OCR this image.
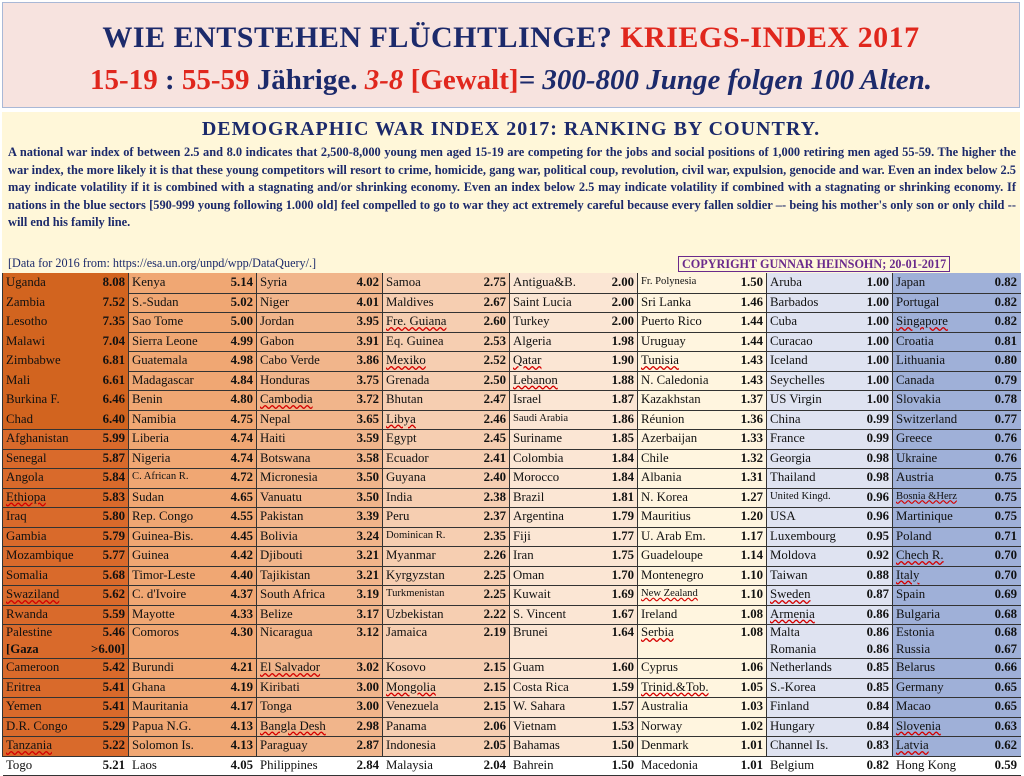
WIE ENTSTEHEN FLÜCHTLINGE? KRIEGS-INDEX 2017
15-19 : 55-59 Jährige. 3-8 [Gewalt]= 300-800 Junge folgen 100 Alten.
DEMOGRAPHIC WAR INDEX 2017: RANKING BY COUNTRY.
A national war index of between 2.5 and 8.0 indicates that 2,500-8,000 young men aged 15-19 are competing for the jobs and social positions of 1,000 retiring men aged 55-59. The higher the war index, the more likely it is that these young competitors will resort to crime, homicide, gang war, political coup, revolution, civil war, expulsion, genocide and war. Even an index below 2.5 may indicate volatility if it is combined with a stagnating and/or shrinking economy. Even an index below 2.5 may indicate volatility if combined with a stagnating or shrinking economy. If nations in the blue sectors [590-999 young following 1.000 old] feel compelled to go to war they act extremely careful because every fallen soldier –- being his mother's only son or only child -- will end his family line.
[Data for 2016 from: https://esa.un.org/unpd/wpp/DataQuery/.]	COPYRIGHT GUNNAR HEINSOHN; 20-01-2017
Uganda	8.08
Zambia	7.52
Lesotho	7.35
Malawi	7.04
Zimbabwe	6.81
Mali	6.61
Burkina F.	6.46
Chad	6.40
Afghanistan	5.99
Senegal	5.87
Angola	5.84
Ethiopa	5.83
Iraq	5.80
Gambia	5.79
Mozambique 5.77
Somalia	5.68
Swaziland	5.62
Rwanda	5.59
Palestine	5.46
[Gaza	>6.00]
Cameroon	5.42
Eritrea	5.41
Yemen	5.41
D.R. Congo	5.29
Tanzania	5.22
Togo	5.21
Kenya	5.14
S.-Sudan	5.02
Sao Tome	5.00
Sierra Leone	4.99
Guatemala	4.98
Madagascar	4.84
Benin	4.80
Namibia	4.75
Liberia	4.74
Nigeria	4.74
C. African R.	4.72
Sudan	4.65
Rep. Congo	4.55
Guinea-Bis.	4.45
Guinea	4.42
Timor-Leste	4.40
C. d'Ivoire	4.37
Mayotte	4.33
Comoros	4.30
Burundi	4.21
Ghana	4.19
Mauritania	4.17
Papua N.G.	4.13
Solomon Is.	4.13
Laos	4.05
Syria	4.02
Niger	4.01
Jordan	3.95
Gabon	3.91
Cabo Verde	3.86
Honduras	3.75
Cambodia	3.72
Nepal	3.65
Haiti	3.59
Botswana	3.58
Micronesia	3.50
Vanuatu	3.50
Pakistan	3.39
Bolivia	3.24
Djibouti	3.21
Tajikistan	3.21
South Africa 3.19
Belize	3.17
Nicaragua	3.12
El Salvador	3.02
Kiribati	3.00
Tonga	3.00
Bangla Desh 2.98
Paraguay	2.87
Philippines	2.84
Samoa	2.75
Maldives	2.67
Fre. Guiana	2.60
Eq. Guinea	2.53
Mexiko	2.52
Grenada	2.50
Bhutan	2.47
Libya	2.46
Egypt	2.45
Ecuador	2.41
Guyana	2.40
India	2.38
Peru	2.37
Dominican R.	2.35
Myanmar	2.26
Kyrgyzstan	2.25
Turkmenistan	2.25
Uzbekistan	2.22
Jamaica	2.19
Kosovo	2.15
Mongolia	2.15
Venezuela	2.15
Panama	2.06
Indonesia	2.05
Malaysia	2.04
Antigua&B.	2.00
Saint Lucia	2.00
Turkey	2.00
Algeria	1.98
Qatar	1.90
Lebanon	1.88
Israel	1.87
Saudi Arabia	1.86
Suriname	1.85
Colombia	1.84
Morocco	1.84
Brazil	1.81
Argentina	1.79
Fiji	1.77
Iran	1.75
Oman	1.70
Kuwait	1.69
S. Vincent	1.67
Brunei	1.64
Guam	1.60
Costa Rica	1.59
W. Sahara	1.57
Vietnam	1.53
Bahamas	1.50
Bahrein	1.50
Fr. Polynesia	1.50
Sri Lanka	1.46
Puerto Rico	1.44
Uruguay	1.44
Tunisia	1.43
N. Caledonia	1.43
Kazakhstan	1.37
Réunion	1.36
Azerbaijan	1.33
Chile	1.32
Albania	1.31
N. Korea	1.27
Mauritius	1.20
U. Arab Em.	1.17
Guadeloupe	1.14
Montenegro	1.10
New Zealand	1.10
Ireland	1.08
Serbia	1.08
Cyprus	1.06
Trinid.&Tob. 1.05
Australia	1.03
Norway	1.02
Denmark	1.01
Macedonia	1.01
Aruba	1.00
Barbados	1.00
Cuba	1.00
Curacao	1.00
Iceland	1.00
Seychelles	1.00
US Virgin	1.00
China	0.99
France	0.99
Georgia	0.98
Thailand	0.98
United Kingd.	0.96
USA	0.96
Luxembourg 0.95
Moldova	0.92
Taiwan	0.88
Sweden	0.87
Armenia	0.86
Malta	0.86
Romania	0.86
Netherlands	0.85
S.-Korea	0.85
Finland	0.84
Hungary	0.84
Channel Is.	0.83
Belgium	0.82
Japan	0.82
Portugal	0.82
Singapore	0.82
Croatia	0.81
Lithuania	0.80
Canada	0.79
Slovakia	0.78
Switzerland	0.77
Greece	0.76
Ukraine	0.76
Austria	0.75
Bosnia &Herz	0.75
Martinique	0.75
Poland	0.71
Chech R.	0.70
Italy	0.70
Spain	0.69
Bulgaria	0.68
Estonia	0.68
Russia	0.67
Belarus	0.66
Germany	0.65
Macao	0.65
Slovenia	0.63
Latvia	0.62
Hong Kong	0.59
